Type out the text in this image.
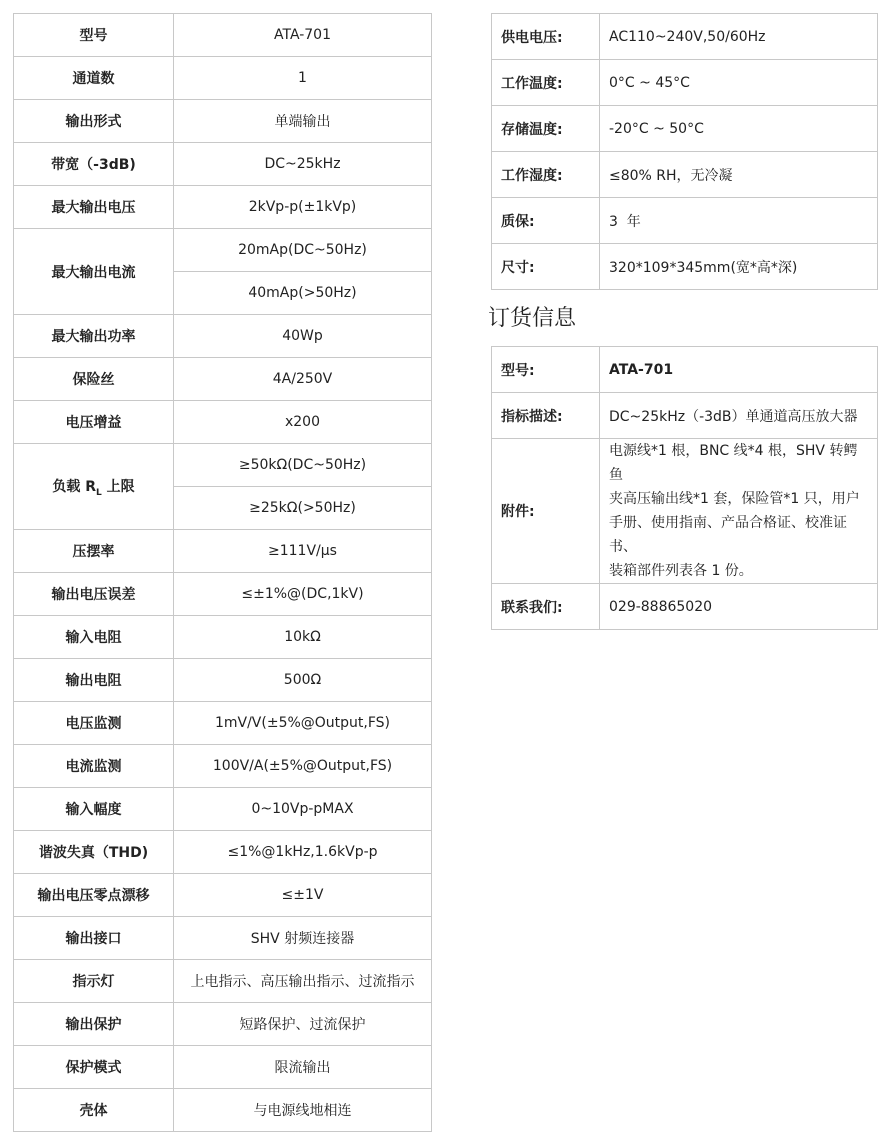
型号	ATA-701
通道数	1
输出形式	单端输出
带宽（-3dB)	DC~25kHz
最大输出电压	2kVp-p(±1kVp)
最大输出电流	20mAp(DC~50Hz)
	40mAp(>50Hz)
最大输出功率	40Wp
保险丝	4A/250V
电压增益	x200
负载 $R_L$ 上限	≥50kΩ(DC~50Hz)
	≥25kΩ(>50Hz)
压摆率	≥111V/μs
输出电压误差	≤±1%@(DC,1kV)
输入电阻	10kΩ
输出电阻	500Ω
电压监测	1mV/V(±5%@Output,FS)
电流监测	100V/A(±5%@Output,FS)
输入幅度	0~10Vp-pMAX
谐波失真（THD)	≤1%@1kHz,1.6kVp-p
输出电压零点漂移	≤±1V
输出接口	SHV 射频连接器
指示灯	上电指示、高压输出指示、过流指示
输出保护	短路保护、过流保护
保护模式	限流输出
壳体	与电源线地相连
供电电压:	AC110~240V,50/60Hz
工作温度:	0°C ~ 45°C
存储温度:	-20°C ~ 50°C
工作湿度:	≤80% RH，无冷凝
质保:	3  年
尺寸:	320*109*345mm(宽*高*深)
订货信息
型号:	ATA-701
指标描述:	DC~25kHz（-3dB）单通道高压放大器
附件:	电源线*1 根，BNC 线*4 根，SHV 转鳄鱼
夹高压输出线*1 套，保险管*1 只，用户
手册、使用指南、产品合格证、校准证书、
装箱部件列表各 1 份。

联系我们:	029-88865020
